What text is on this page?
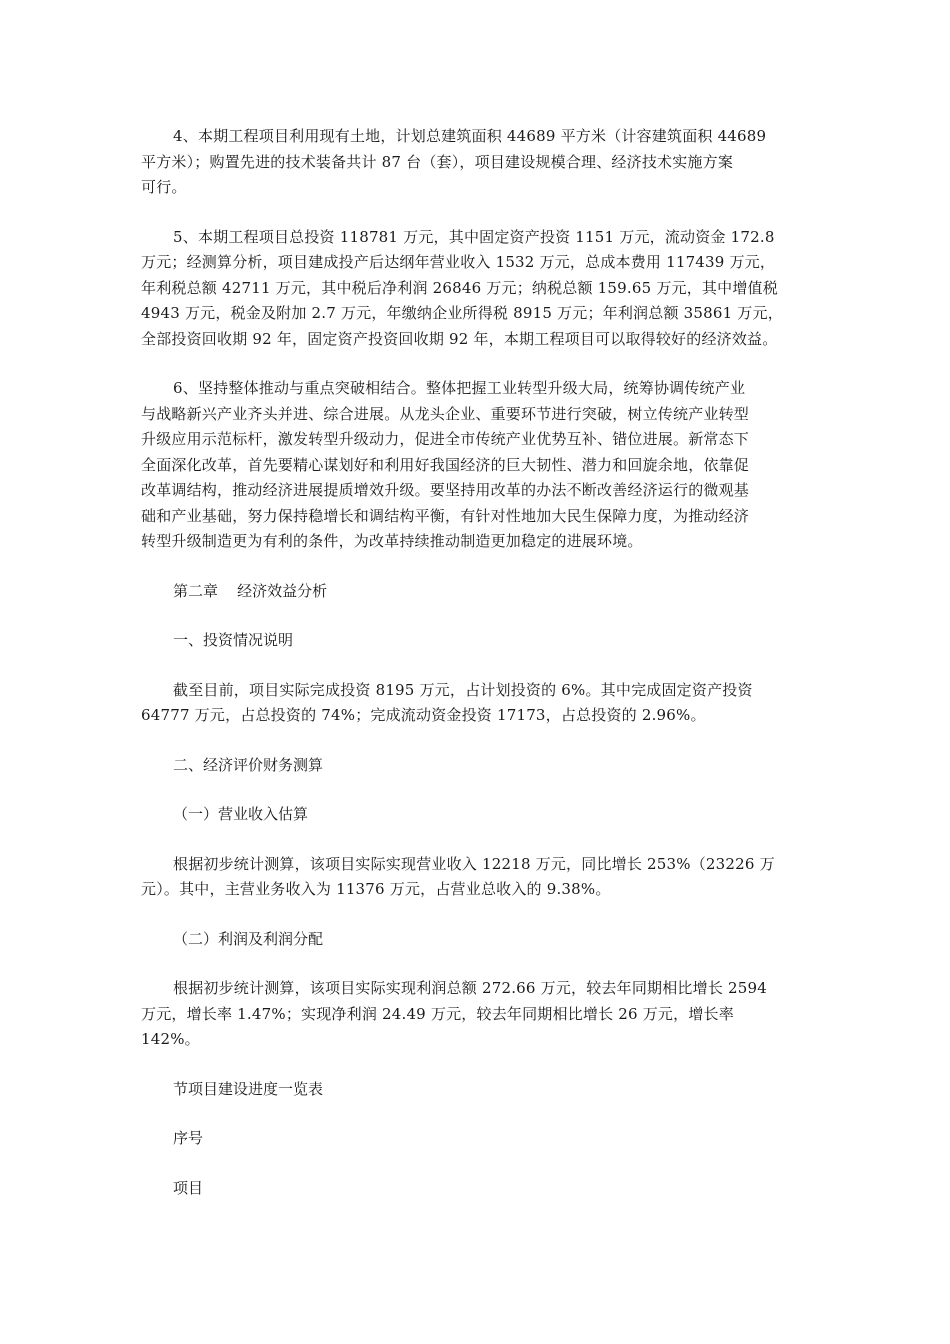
4、本期工程项目利用现有土地，计划总建筑面积 44689 平方米（计容建筑面积 44689
平方米）；购置先进的技术装备共计 87 台（套），项目建设规模合理、经济技术实施方案
可行。
5、本期工程项目总投资 118781 万元，其中固定资产投资 1151 万元，流动资金 172.8
万元；经测算分析，项目建成投产后达纲年营业收入 1532 万元，总成本费用 117439 万元，
年利税总额 42711 万元，其中税后净利润 26846 万元；纳税总额 159.65 万元，其中增值税
4943 万元，税金及附加 2.7 万元，年缴纳企业所得税 8915 万元；年利润总额 35861 万元，
全部投资回收期 92 年，固定资产投资回收期 92 年，本期工程项目可以取得较好的经济效益。
6、坚持整体推动与重点突破相结合。整体把握工业转型升级大局，统筹协调传统产业
与战略新兴产业齐头并进、综合进展。从龙头企业、重要环节进行突破，树立传统产业转型
升级应用示范标杆，激发转型升级动力，促进全市传统产业优势互补、错位进展。新常态下
全面深化改革，首先要精心谋划好和利用好我国经济的巨大韧性、潜力和回旋余地，依靠促
改革调结构，推动经济进展提质增效升级。要坚持用改革的办法不断改善经济运行的微观基
础和产业基础，努力保持稳增长和调结构平衡，有针对性地加大民生保障力度，为推动经济
转型升级制造更为有利的条件，为改革持续推动制造更加稳定的进展环境。
第二章    经济效益分析
一、投资情况说明
截至目前，项目实际完成投资 8195 万元，占计划投资的 6%。其中完成固定资产投资
64777 万元，占总投资的 74%；完成流动资金投资 17173，占总投资的 2.96%。
二、经济评价财务测算
（一）营业收入估算
根据初步统计测算，该项目实际实现营业收入 12218 万元，同比增长 253%（23226 万
元）。其中，主营业务收入为 11376 万元，占营业总收入的 9.38%。
（二）利润及利润分配
根据初步统计测算，该项目实际实现利润总额 272.66 万元，较去年同期相比增长 2594
万元，增长率 1.47%；实现净利润 24.49 万元，较去年同期相比增长 26 万元，增长率
142%。
节项目建设进度一览表
序号
项目
